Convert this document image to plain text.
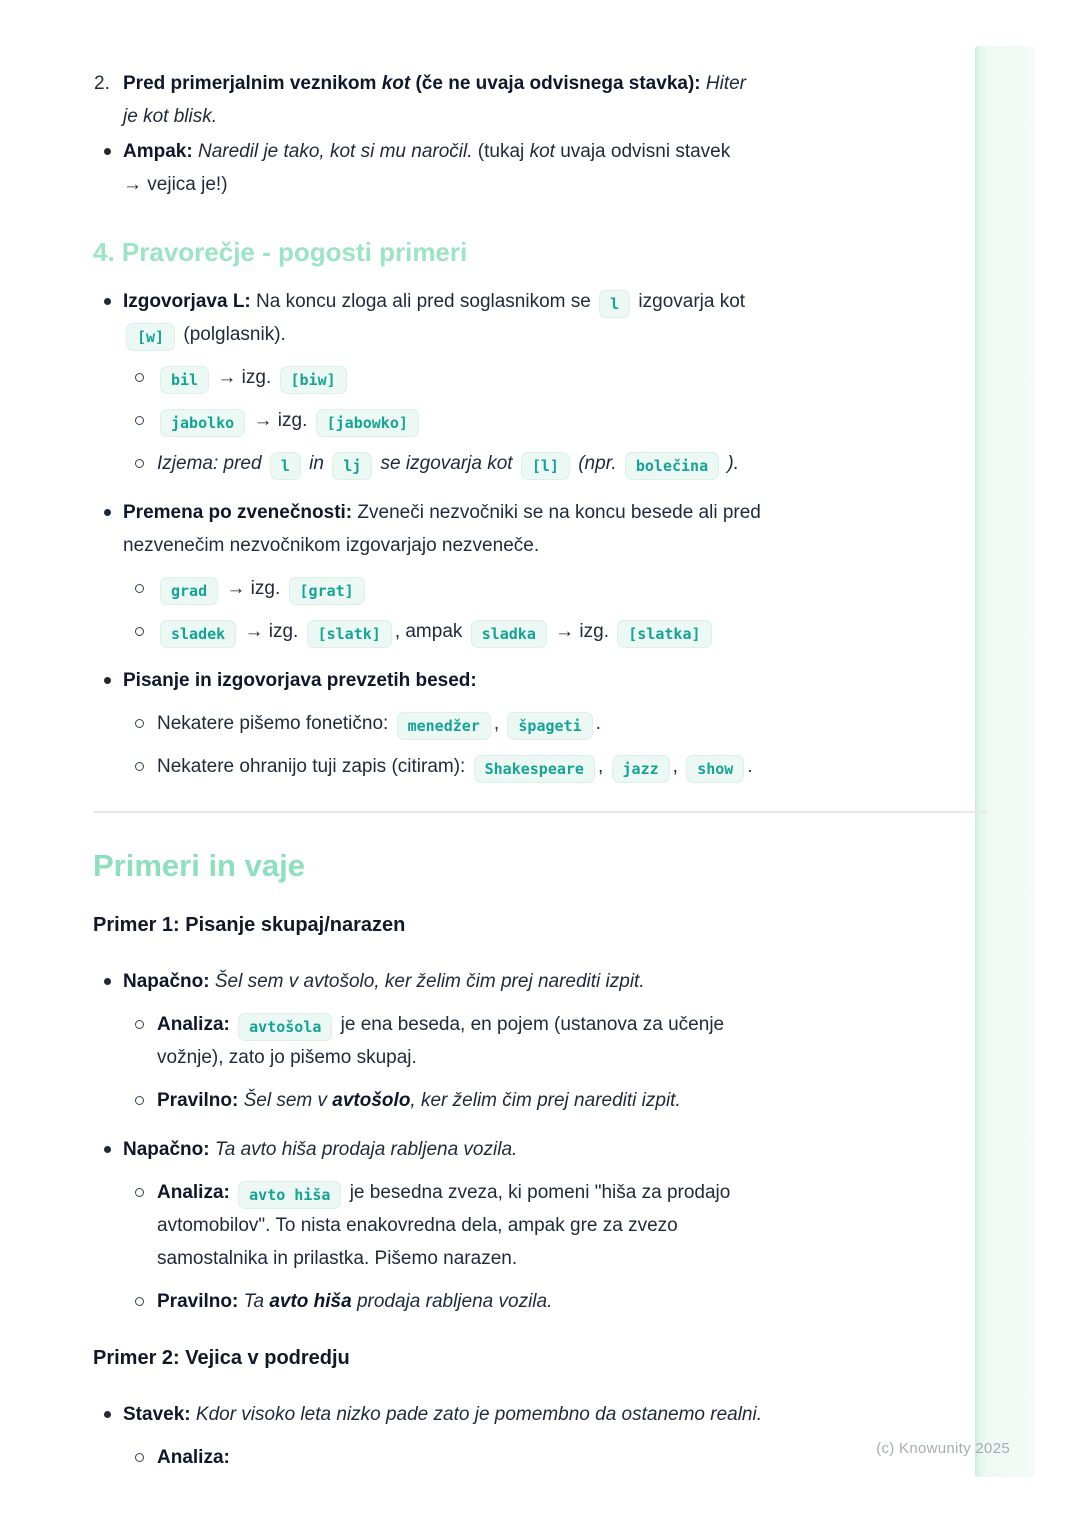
2. Pred primerjalnim veznikom kot (če ne uvaja odvisnega stavka): Hiter
je kot blisk.
Ampak: Naredil je tako, kot si mu naročil. (tukaj kot uvaja odvisni stavek
→ vejica je!)
4. Pravorečje - pogosti primeri
Izgovorjava L: Na koncu zloga ali pred soglasnikom se l izgovarja kot
[w] (polglasnik).
bil → izg. [biw]
jabolko → izg. [jabowko]
Izjema: pred l in lj se izgovarja kot [l] (npr. bolečina ).
Premena po zvenečnosti: Zveneči nezvočniki se na koncu besede ali pred
nezvenečim nezvočnikom izgovarjajo nezveneče.
grad → izg. [grat]
sladek → izg. [slatk] , ampak sladka → izg. [slatka]
Pisanje in izgovorjava prevzetih besed:
Nekatere pišemo fonetično: menedžer , špageti .
Nekatere ohranijo tuji zapis (citiram): Shakespeare , jazz , show .
Primeri in vaje
Primer 1: Pisanje skupaj/narazen
Napačno: Šel sem v avtošolo, ker želim čim prej narediti izpit.
Analiza: avtošola je ena beseda, en pojem (ustanova za učenje
vožnje), zato jo pišemo skupaj.
Pravilno: Šel sem v avtošolo, ker želim čim prej narediti izpit.
Napačno: Ta avto hiša prodaja rabljena vozila.
Analiza: avto hiša je besedna zveza, ki pomeni "hiša za prodajo
avtomobilov". To nista enakovredna dela, ampak gre za zvezo
samostalnika in prilastka. Pišemo narazen.
Pravilno: Ta avto hiša prodaja rabljena vozila.
Primer 2: Vejica v podredju
Stavek: Kdor visoko leta nizko pade zato je pomembno da ostanemo realni.
Analiza:	(c) Knowunity 2025
